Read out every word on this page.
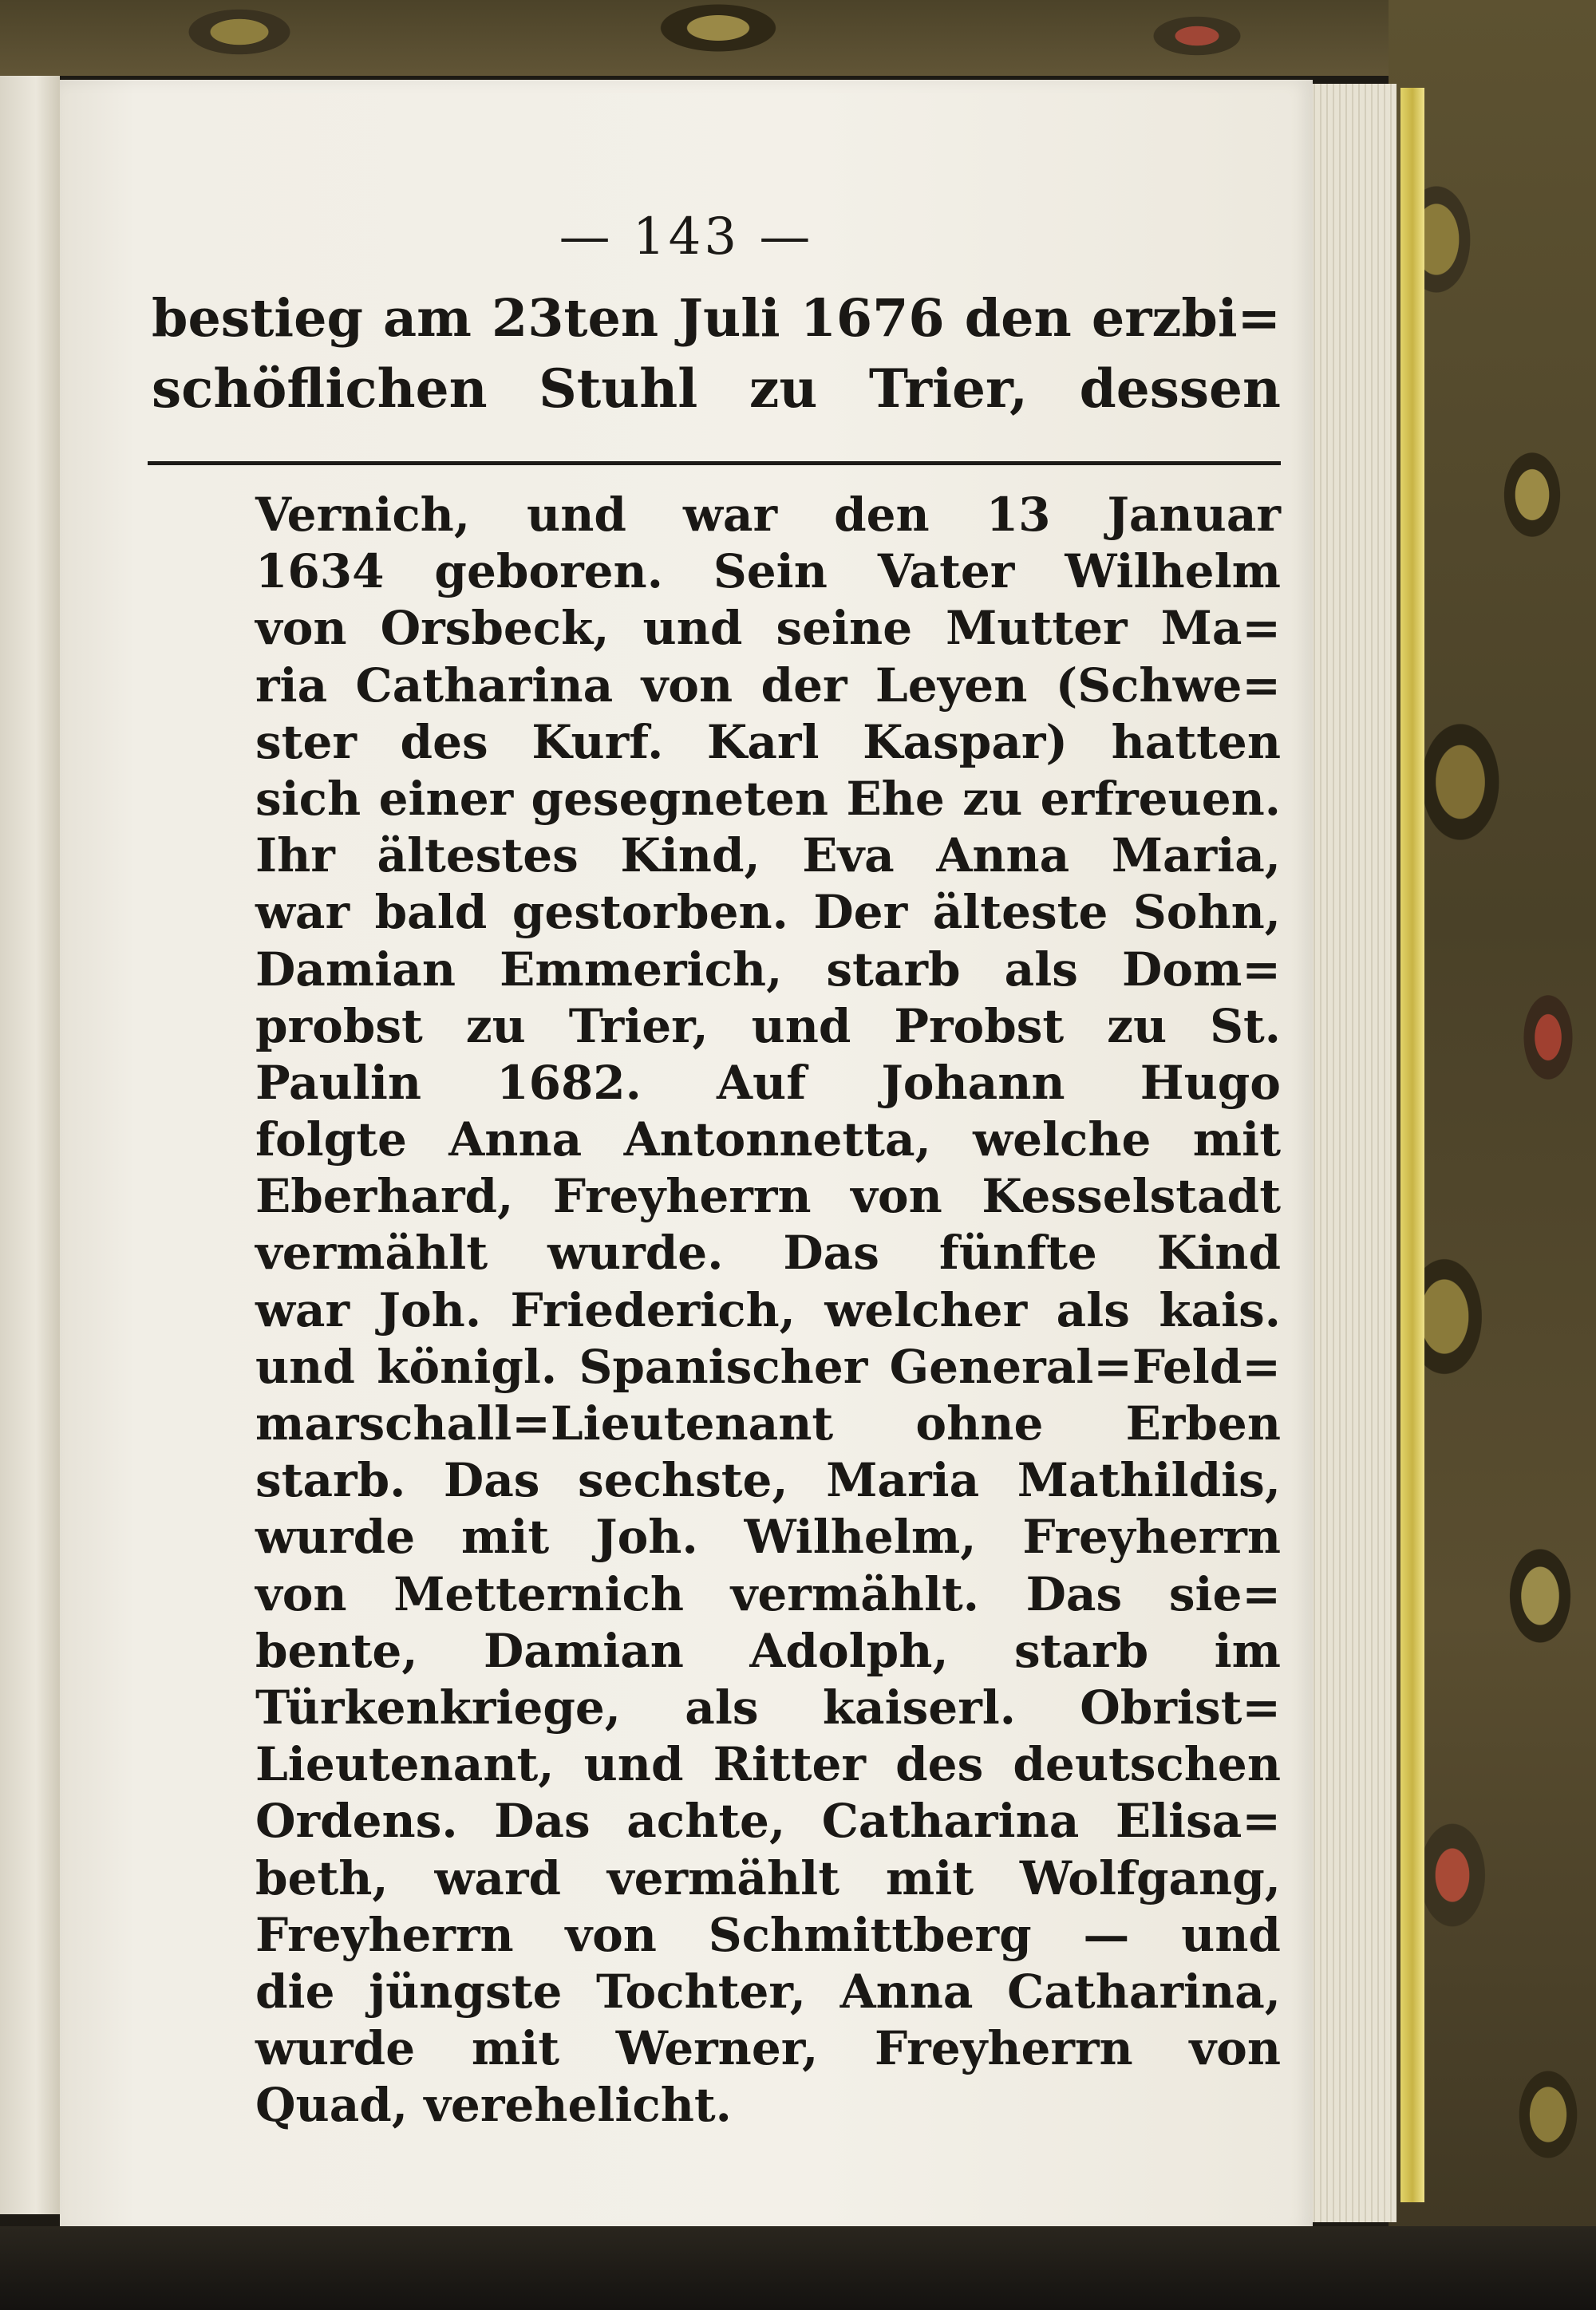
— 143 —
bestieg am 23ten Juli 1676 den erzbi=
schöflichen Stuhl zu Trier, dessen
Vernich, und war den 13 Januar
1634 geboren. Sein Vater Wilhelm
von Orsbeck, und seine Mutter Ma=
ria Catharina von der Leyen (Schwe=
ster des Kurf. Karl Kaspar) hatten
sich einer gesegneten Ehe zu erfreuen.
Ihr ältestes Kind, Eva Anna Maria,
war bald gestorben. Der älteste Sohn,
Damian Emmerich, starb als Dom=
probst zu Trier, und Probst zu St.
Paulin 1682. Auf Johann Hugo
folgte Anna Antonnetta, welche mit
Eberhard, Freyherrn von Kesselstadt
vermählt wurde. Das fünfte Kind
war Joh. Friederich, welcher als kais.
und königl. Spanischer General=Feld=
marschall=Lieutenant ohne Erben
starb. Das sechste, Maria Mathildis,
wurde mit Joh. Wilhelm, Freyherrn
von Metternich vermählt. Das sie=
bente, Damian Adolph, starb im
Türkenkriege, als kaiserl. Obrist=
Lieutenant, und Ritter des deutschen
Ordens. Das achte, Catharina Elisa=
beth, ward vermählt mit Wolfgang,
Freyherrn von Schmittberg — und
die jüngste Tochter, Anna Catharina,
wurde mit Werner, Freyherrn von
Quad, verehelicht.
